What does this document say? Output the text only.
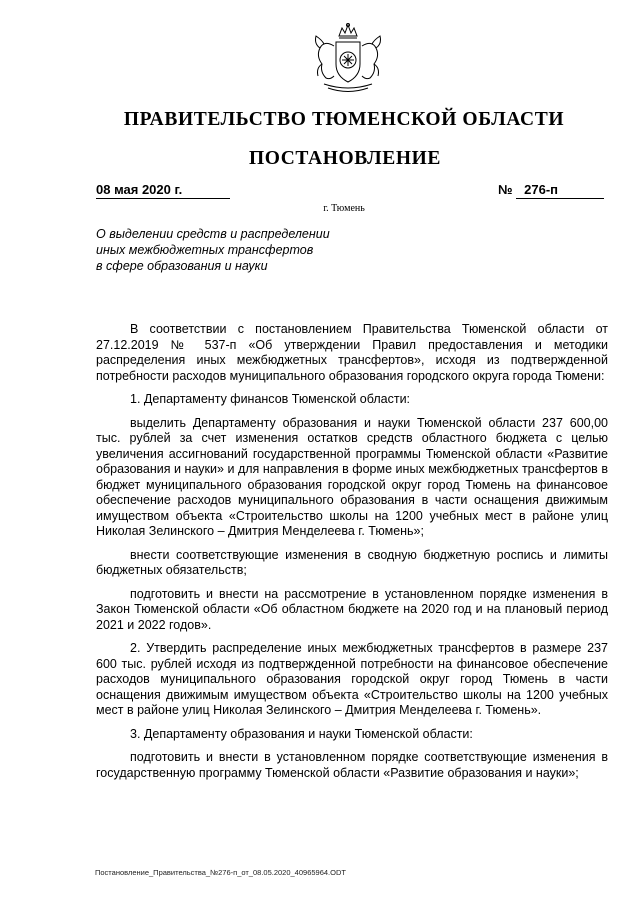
ПРАВИТЕЛЬСТВО ТЮМЕНСКОЙ ОБЛАСТИ
ПОСТАНОВЛЕНИЕ
08 мая 2020 г.	№ 276-п
г. Тюмень
О выделении средств и распределении
иных межбюджетных трансфертов
в сфере образования и науки

В соответствии с постановлением Правительства Тюменской области от 27.12.2019 № 537-п «Об утверждении Правил предоставления и методики распределения иных межбюджетных трансфертов», исходя из подтвержденной потребности расходов муниципального образования городского округа города Тюмени:

1. Департаменту финансов Тюменской области:

выделить Департаменту образования и науки Тюменской области 237 600,00 тыс. рублей за счет изменения остатков средств областного бюджета с целью увеличения ассигнований государственной программы Тюменской области «Развитие образования и науки» и для направления в форме иных межбюджетных трансфертов в бюджет муниципального образования городской округ город Тюмень на финансовое обеспечение расходов муниципального образования в части оснащения движимым имуществом объекта «Строительство школы на 1200 учебных мест в районе улиц Николая Зелинского – Дмитрия Менделеева г. Тюмень»;

внести соответствующие изменения в сводную бюджетную роспись и лимиты бюджетных обязательств;

подготовить и внести на рассмотрение в установленном порядке изменения в Закон Тюменской области «Об областном бюджете на 2020 год и на плановый период 2021 и 2022 годов».

2. Утвердить распределение иных межбюджетных трансфертов в размере 237 600 тыс. рублей исходя из подтвержденной потребности на финансовое обеспечение расходов муниципального образования городской округ город Тюмень в части оснащения движимым имуществом объекта «Строительство школы на 1200 учебных мест в районе улиц Николая Зелинского – Дмитрия Менделеева г. Тюмень».

3. Департаменту образования и науки Тюменской области:

подготовить и внести в установленном порядке соответствующие изменения в государственную программу Тюменской области «Развитие образования и науки»;

Постановление_Правительства_№276-п_от_08.05.2020_40965964.ODT
